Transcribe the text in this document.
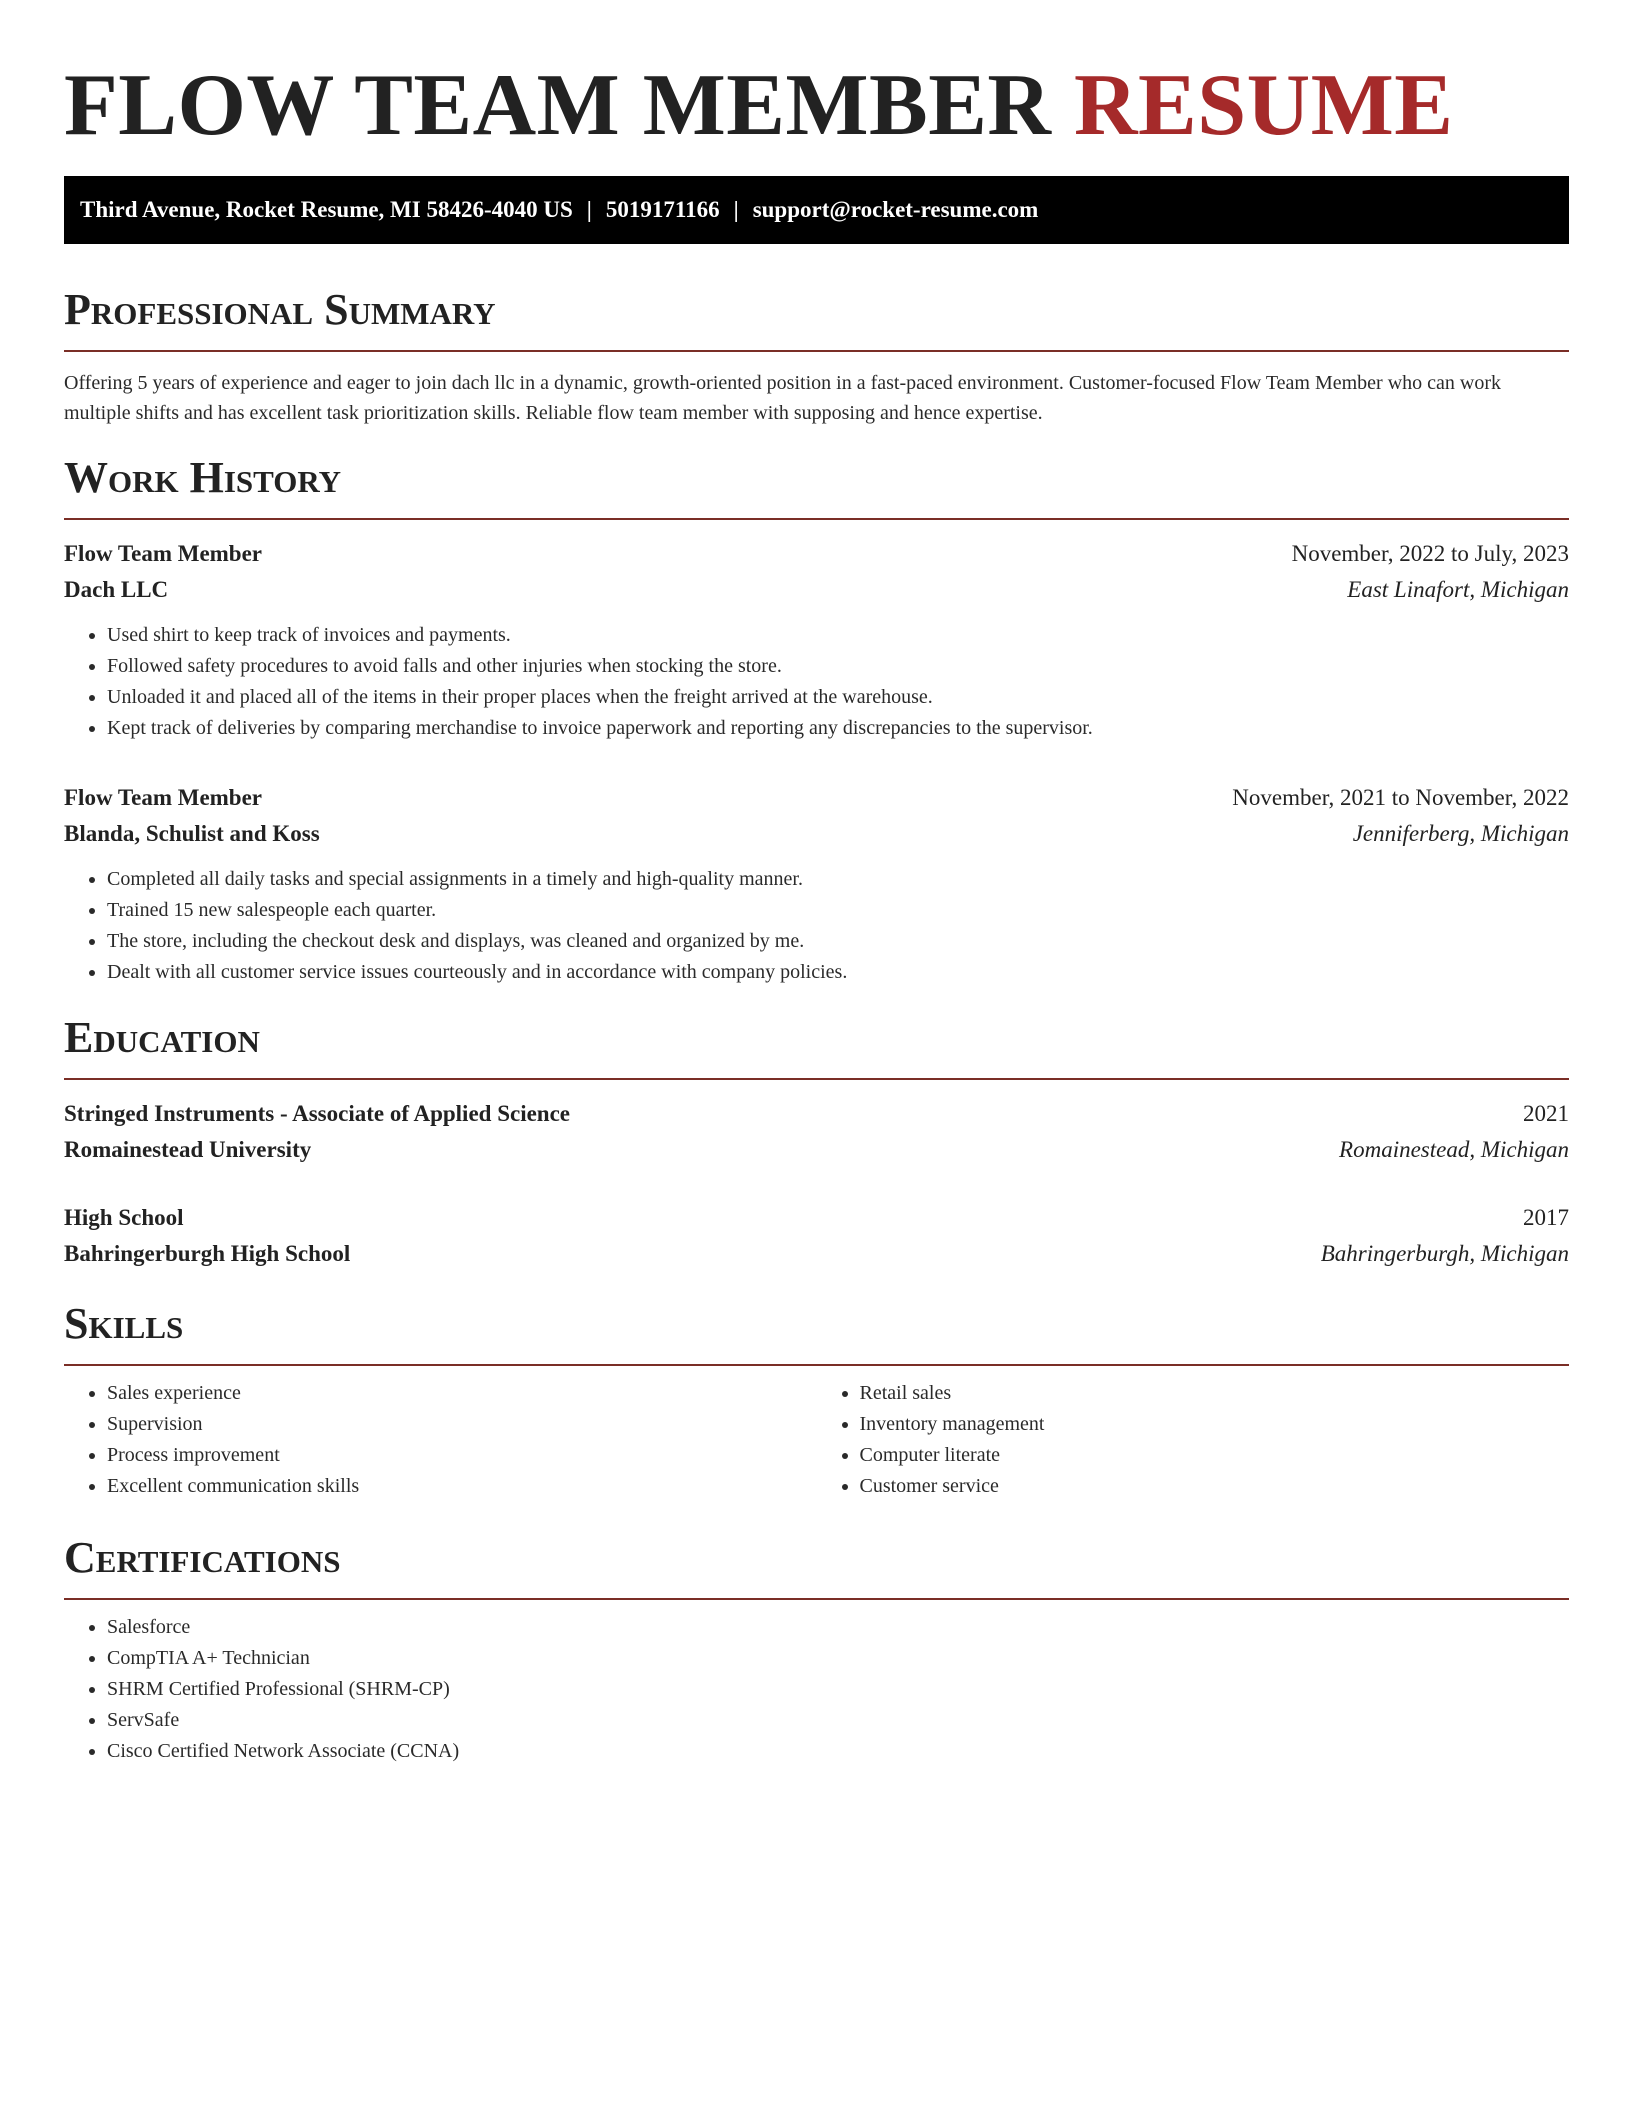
FLOW TEAM MEMBER RESUME
Third Avenue, Rocket Resume, MI 58426-4040 US | 5019171166 | support@rocket-resume.com
Professional Summary

Offering 5 years of experience and eager to join dach llc in a dynamic, growth-oriented position in a fast-paced environment. Customer-focused Flow Team Member who can work multiple shifts and has excellent task prioritization skills. Reliable flow team member with supposing and hence expertise.

Work History
Flow Team Member	November, 2022 to July, 2023
Dach LLC	East Linafort, Michigan
• Used shirt to keep track of invoices and payments.
• Followed safety procedures to avoid falls and other injuries when stocking the store.
• Unloaded it and placed all of the items in their proper places when the freight arrived at the warehouse.
• Kept track of deliveries by comparing merchandise to invoice paperwork and reporting any discrepancies to the supervisor.
Flow Team Member	November, 2021 to November, 2022
Blanda, Schulist and Koss	Jenniferberg, Michigan
• Completed all daily tasks and special assignments in a timely and high-quality manner.
• Trained 15 new salespeople each quarter.
• The store, including the checkout desk and displays, was cleaned and organized by me.
• Dealt with all customer service issues courteously and in accordance with company policies.
Education
Stringed Instruments - Associate of Applied Science	2021
Romainestead University	Romainestead, Michigan
High School	2017
Bahringerburgh High School	Bahringerburgh, Michigan
Skills
• Sales experience
• Supervision
• Process improvement
• Excellent communication skills
• Retail sales
• Inventory management
• Computer literate
• Customer service
Certifications
• Salesforce
• CompTIA A+ Technician
• SHRM Certified Professional (SHRM-CP)
• ServSafe
• Cisco Certified Network Associate (CCNA)
